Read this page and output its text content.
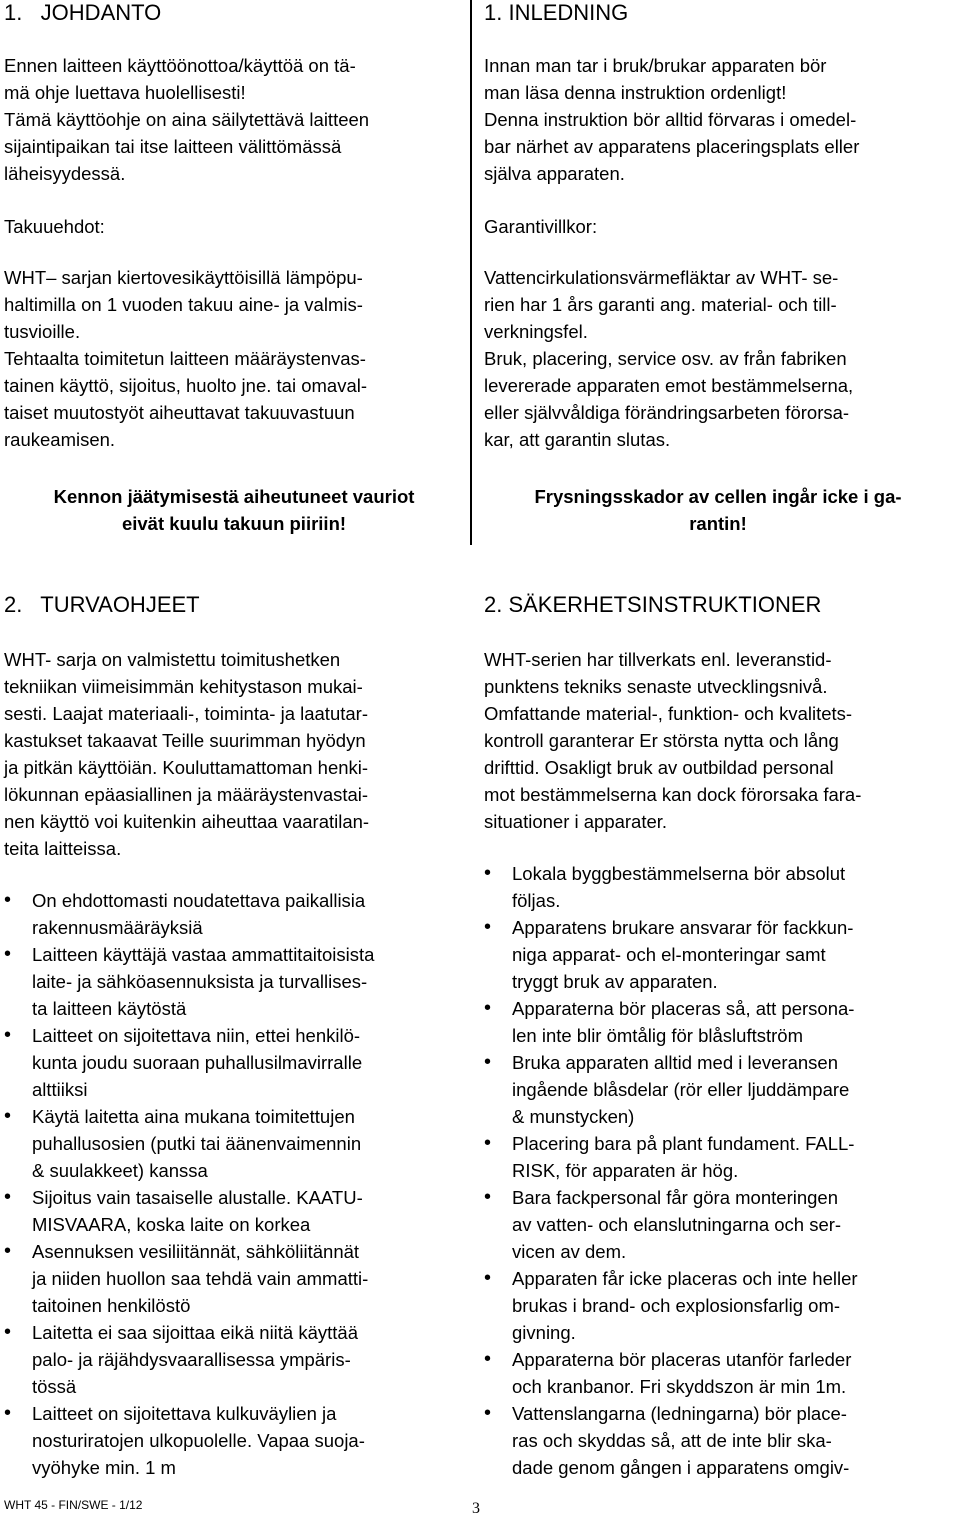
1.   JOHDANTO
Ennen laitteen käyttöönottoa/käyttöä on tä-
mä ohje luettava huolellisesti!
Tämä käyttöohje on aina säilytettävä laitteen
sijaintipaikan tai itse laitteen välittömässä
läheisyydessä.
Takuuehdot:
WHT– sarjan kiertovesikäyttöisillä lämpöpu-
haltimilla on 1 vuoden takuu aine- ja valmis-
tusvioille.
Tehtaalta toimitetun laitteen määräystenvas-
tainen käyttö, sijoitus, huolto jne. tai omaval-
taiset muutostyöt aiheuttavat takuuvastuun
raukeamisen.
Kennon jäätymisestä aiheutuneet vauriot
eivät kuulu takuun piiriin!
2.   TURVAOHJEET
WHT- sarja on valmistettu toimitushetken
tekniikan viimeisimmän kehitystason mukai-
sesti. Laajat materiaali-, toiminta- ja laatutar-
kastukset takaavat Teille suurimman hyödyn
ja pitkän käyttöiän. Kouluttamattoman henki-
lökunnan epäasiallinen ja määräystenvastai-
nen käyttö voi kuitenkin aiheuttaa vaaratilan-
teita laitteissa.
• On ehdottomasti noudatettava paikallisia
rakennusmääräyksiä
• Laitteen käyttäjä vastaa ammattitaitoisista
laite- ja sähköasennuksista ja turvallises-
ta laitteen käytöstä
• Laitteet on sijoitettava niin, ettei henkilö-
kunta joudu suoraan puhallusilmavirralle
alttiiksi
• Käytä laitetta aina mukana toimitettujen
puhallusosien (putki tai äänenvaimennin
& suulakkeet) kanssa
• Sijoitus vain tasaiselle alustalle. KAATU-
MISVAARA, koska laite on korkea
• Asennuksen vesiliitännät, sähköliitännät
ja niiden huollon saa tehdä vain ammatti-
taitoinen henkilöstö
• Laitetta ei saa sijoittaa eikä niitä käyttää
palo- ja räjähdysvaarallisessa ympäris-
tössä
• Laitteet on sijoitettava kulkuväylien ja
nosturiratojen ulkopuolelle. Vapaa suoja-
vyöhyke min. 1 m
1. INLEDNING
Innan man tar i bruk/brukar apparaten bör
man läsa denna instruktion ordenligt!
Denna instruktion bör alltid förvaras i omedel-
bar närhet av apparatens placeringsplats eller
själva apparaten.
Garantivillkor:
Vattencirkulationsvärmefläktar av WHT- se-
rien har 1 års garanti ang. material- och till-
verkningsfel.
Bruk, placering, service osv. av från fabriken
levererade apparaten emot bestämmelserna,
eller självvåldiga förändringsarbeten förorsa-
kar, att garantin slutas.
Frysningsskador av cellen ingår icke i ga-
rantin!
2. SÄKERHETSINSTRUKTIONER
WHT-serien har tillverkats enl. leveranstid-
punktens tekniks senaste utvecklingsnivå.
Omfattande material-, funktion- och kvalitets-
kontroll garanterar Er största nytta och lång
drifttid. Osakligt bruk av outbildad personal
mot bestämmelserna kan dock förorsaka fara-
situationer i apparater.
• Lokala byggbestämmelserna bör absolut
följas.
• Apparatens brukare ansvarar för fackkun-
niga apparat- och el-monteringar samt
tryggt bruk av apparaten.
• Apparaterna bör placeras så, att persona-
len inte blir ömtålig för blåsluftström
• Bruka apparaten alltid med i leveransen
ingående blåsdelar (rör eller ljuddämpare
& munstycken)
• Placering bara på plant fundament. FALL-
RISK, för apparaten är hög.
• Bara fackpersonal får göra monteringen
av vatten- och elanslutningarna och ser-
vicen av dem.
• Apparaten får icke placeras och inte heller
brukas i brand- och explosionsfarlig om-
givning.
• Apparaterna bör placeras utanför farleder
och kranbanor. Fri skyddszon är min 1m.
• Vattenslangarna (ledningarna) bör place-
ras och skyddas så, att de inte blir ska-
dade genom gången i apparatens omgiv-
WHT 45 - FIN/SWE - 1/12	3
